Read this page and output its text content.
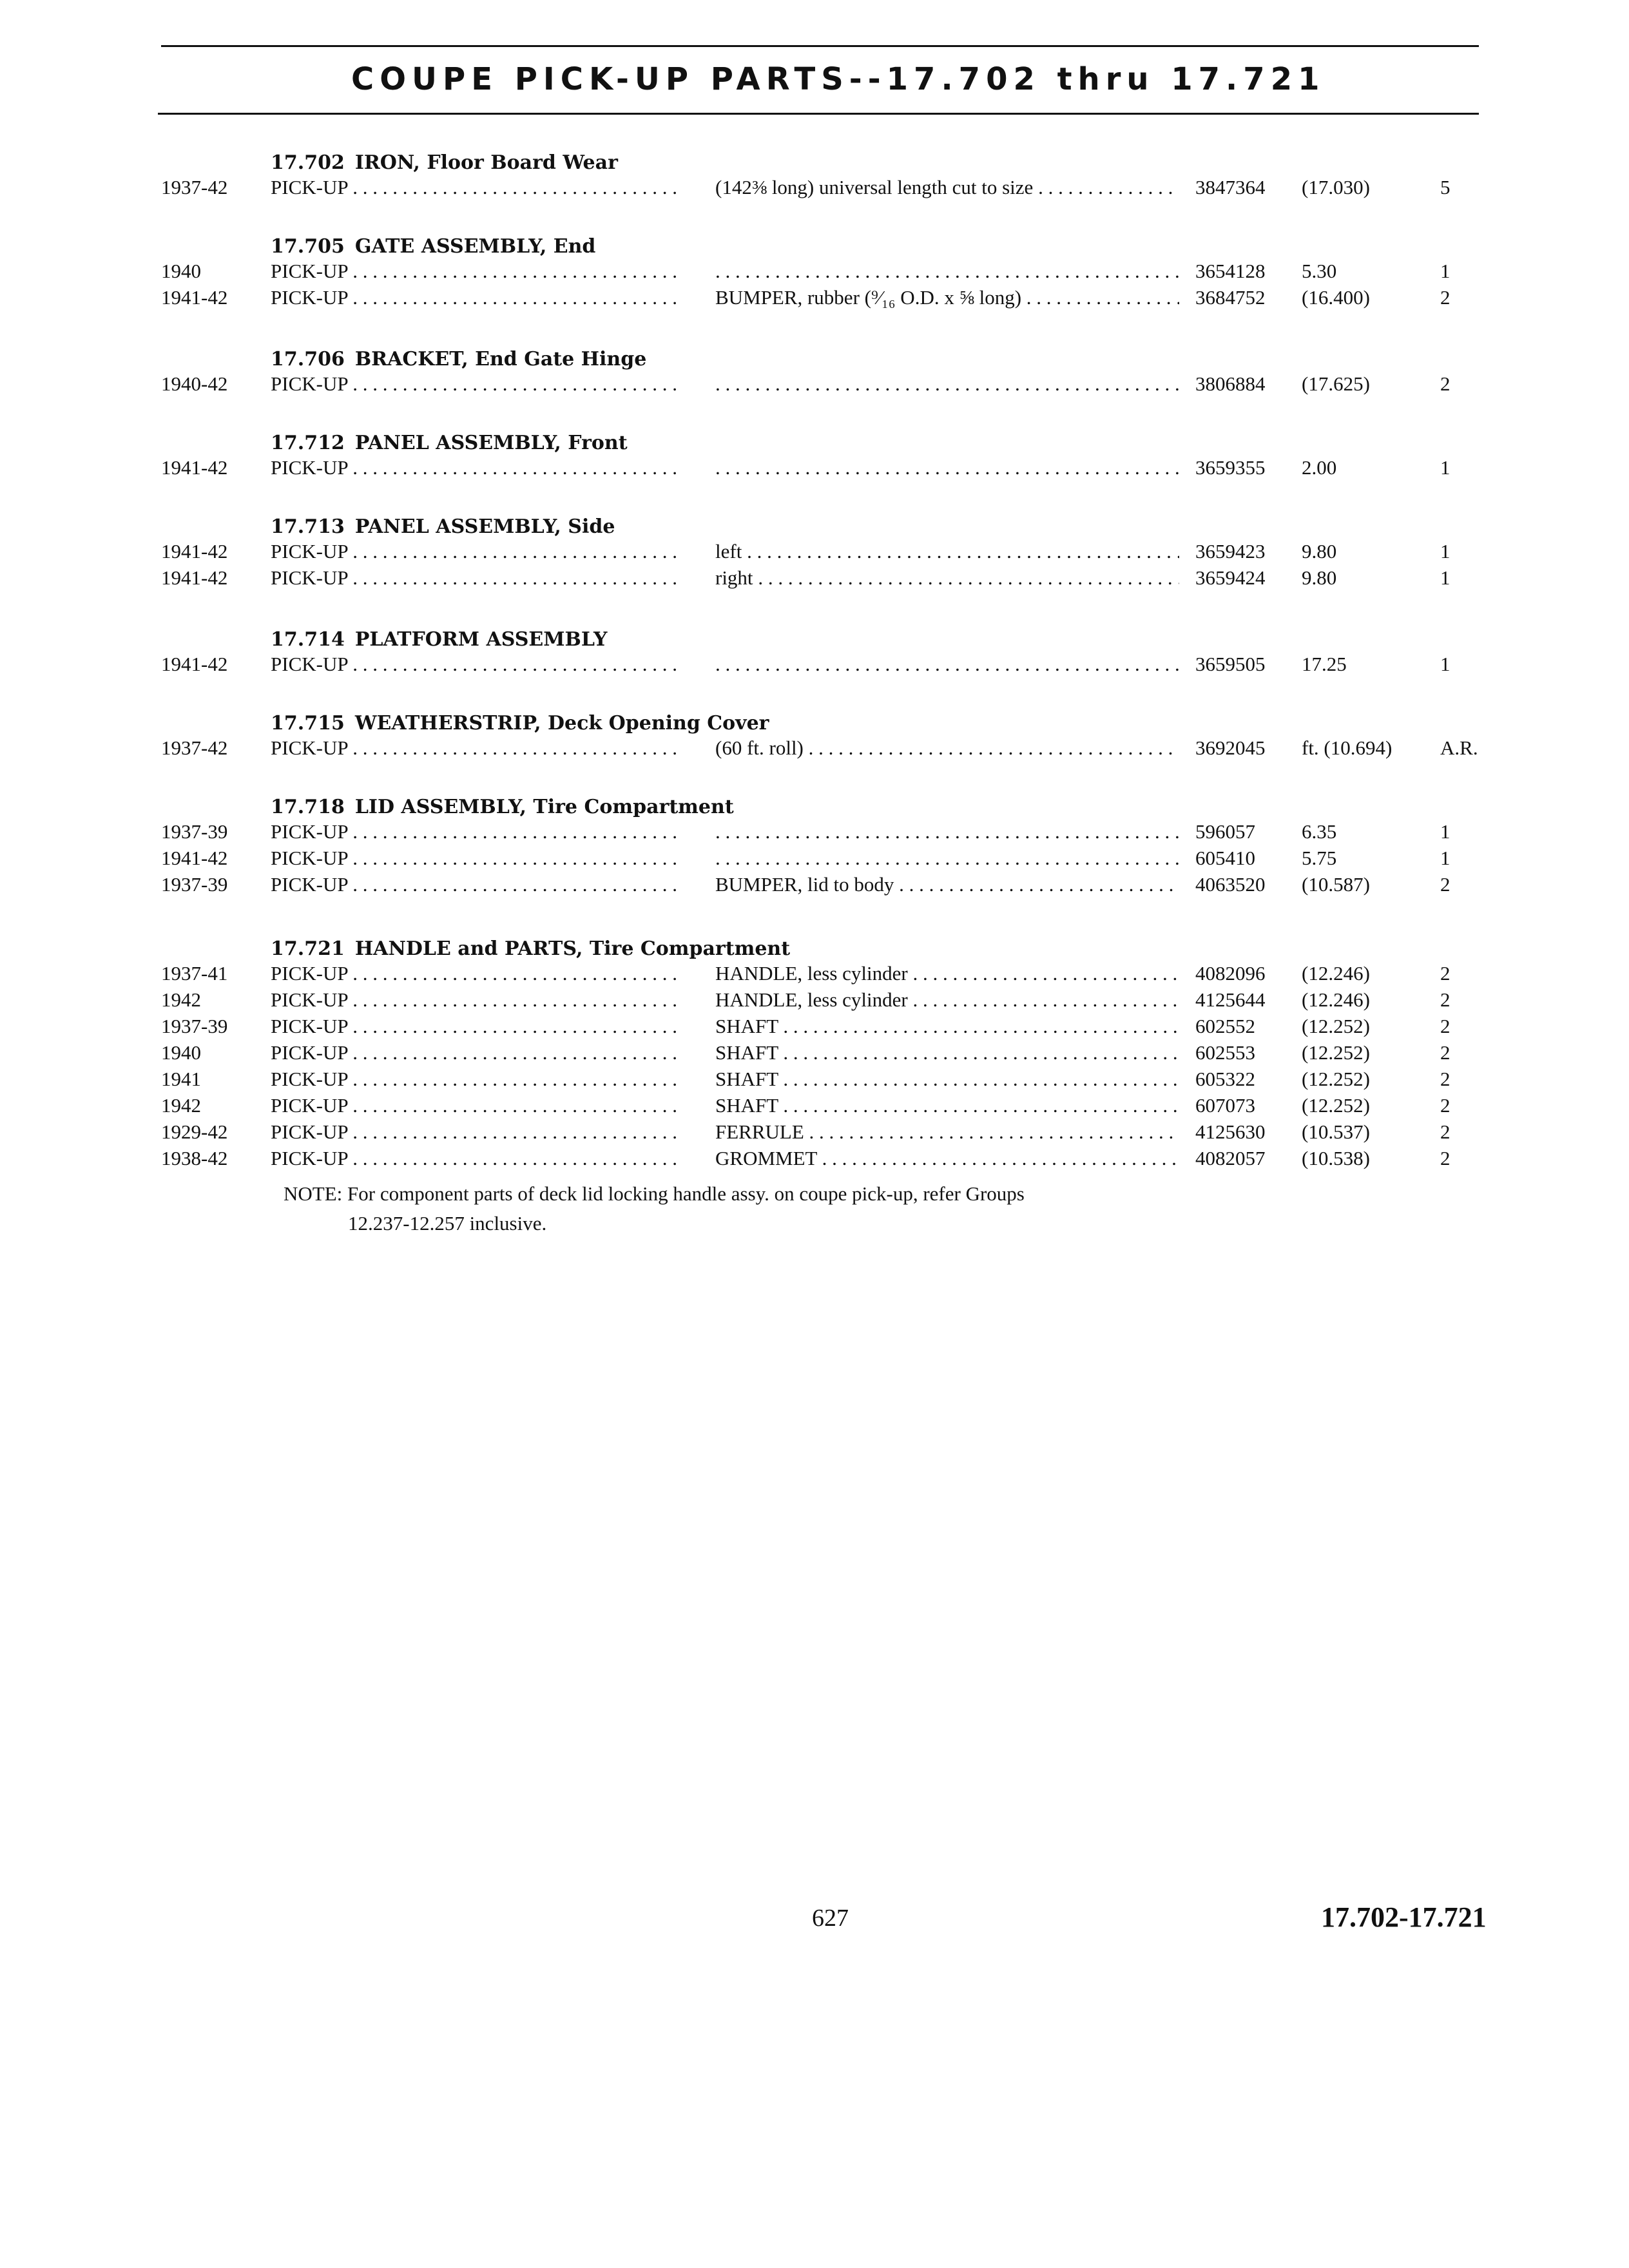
COUPE PICK-UP PARTS--17.702 thru 17.721
17.702 IRON, Floor Board Wear
1937-42 PICK-UP . . .	(142⅜ long) universal length cut to size . . .	3847364 (17.030)	5
17.705 GATE ASSEMBLY, End
1940	PICK-UP . . . . . .	3654128 5.30	1
1941-42 PICK-UP . . .	BUMPER, rubber (⁹⁄₁₆ O.D. x ⅝ long) . . .	3684752 (16.400)	2
17.706 BRACKET, End Gate Hinge
1940-42 PICK-UP . . . . . .	3806884 (17.625)	2
17.712 PANEL ASSEMBLY, Front
1941-42 PICK-UP . . . . . .	3659355 2.00	1
17.713 PANEL ASSEMBLY, Side
1941-42 PICK-UP . . .	left . . .	3659423 9.80	1
1941-42 PICK-UP . . .	right . . .	3659424 9.80	1
17.714 PLATFORM ASSEMBLY
1941-42 PICK-UP . . . . . .	3659505 17.25	1
17.715 WEATHERSTRIP, Deck Opening Cover
1937-42 PICK-UP . . .	(60 ft. roll) . . .	3692045 ft. (10.694) A.R.
17.718 LID ASSEMBLY, Tire Compartment
1937-39 PICK-UP . . . . . .	596057 6.35	1
1941-42 PICK-UP . . . . . .	605410 5.75	1
1937-39 PICK-UP . . .	BUMPER, lid to body . . .	4063520 (10.587)	2
17.721 HANDLE and PARTS, Tire Compartment
1937-41 PICK-UP . . .	HANDLE, less cylinder . . .	4082096 (12.246)	2
1942	PICK-UP . . .	HANDLE, less cylinder . . .	4125644 (12.246)	2
1937-39 PICK-UP . . .	SHAFT . . .	602552 (12.252)	2
1940	PICK-UP . . .	SHAFT . . .	602553 (12.252)	2
1941	PICK-UP . . .	SHAFT . . .	605322 (12.252)	2
1942	PICK-UP . . .	SHAFT . . .	607073 (12.252)	2
1929-42 PICK-UP . . .	FERRULE . . .	4125630 (10.537)	2
1938-42 PICK-UP . . .	GROMMET . . .	4082057 (10.538)	2
NOTE: For component parts of deck lid locking handle assy. on coupe pick-up, refer Groups
12.237-12.257 inclusive.
627	17.702-17.721
